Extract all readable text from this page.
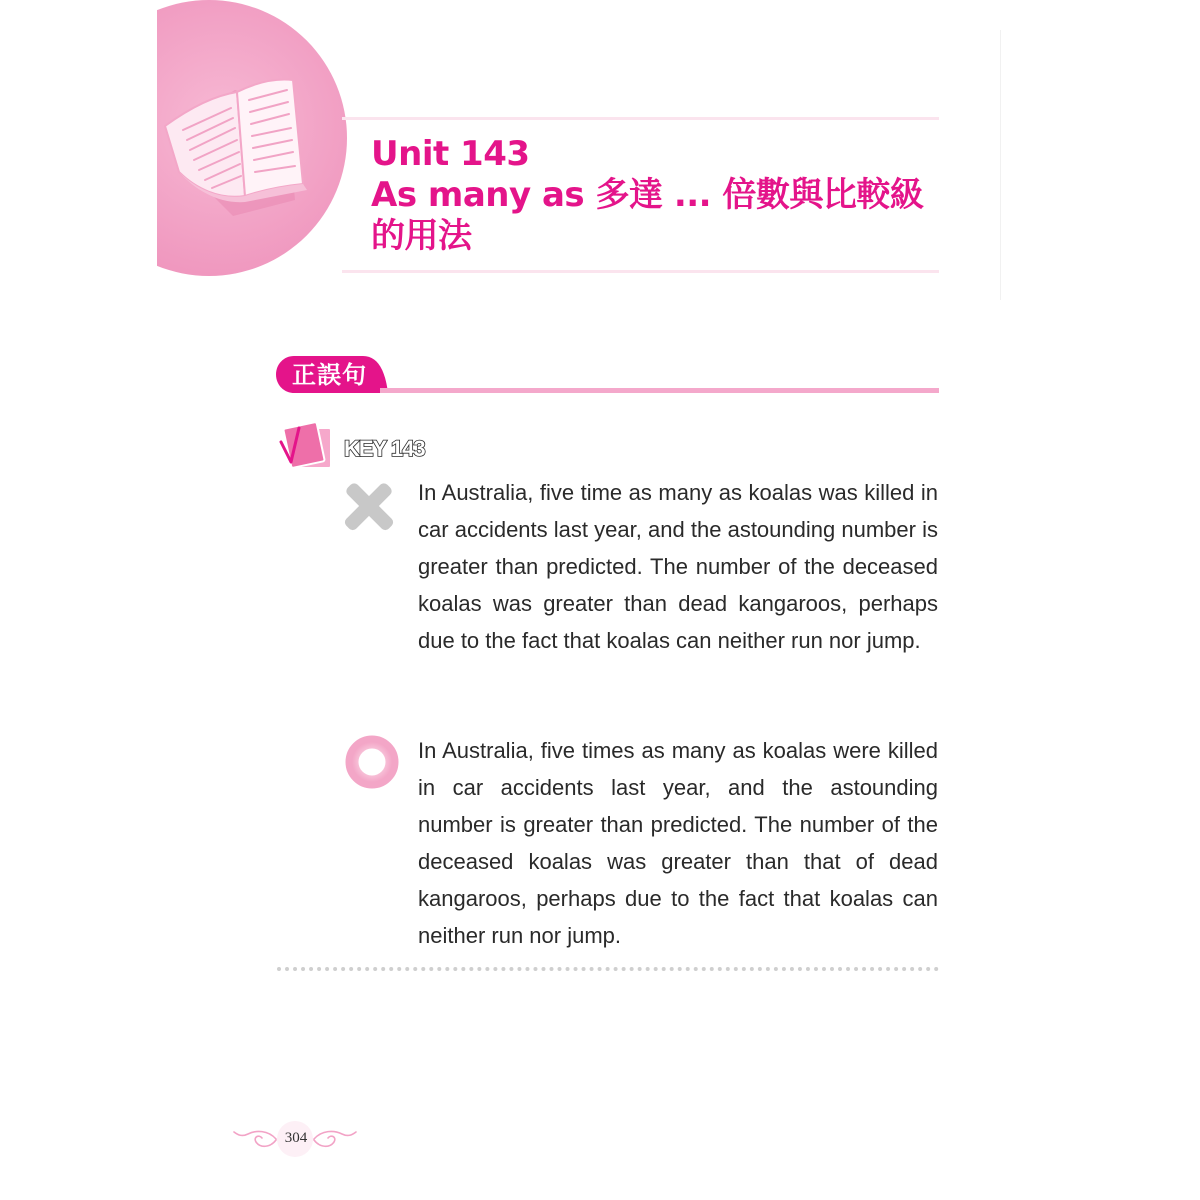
Unit 143
As many as 多達 ... 倍數與比較級
的用法
正誤句
KEY 143
In Australia, five time as many as koalas was killed in car accidents last year, and the astounding number is greater than predicted. The number of the deceased koalas was greater than dead kangaroos, perhaps due to the fact that koalas can neither run nor jump.
In Australia, five times as many as koalas were killed in car accidents last year, and the astounding number is greater than predicted. The number of the deceased koalas was greater than that of dead kangaroos, perhaps due to the fact that koalas can neither run nor jump.
304
